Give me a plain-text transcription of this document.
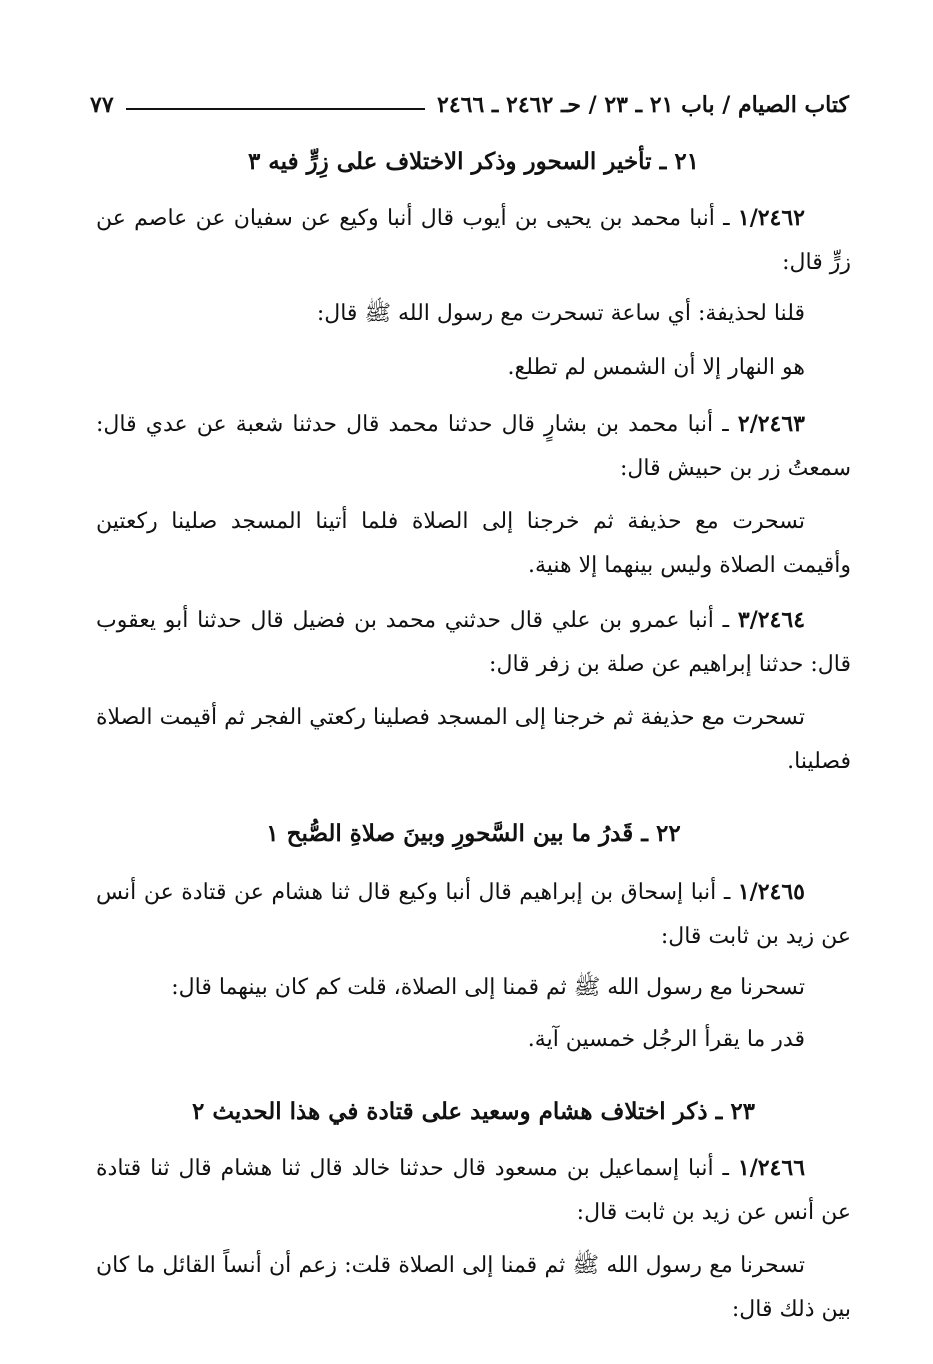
كتاب الصيام / باب ٢١ ـ ٢٣ / حـ ٢٤٦٢ ـ ٢٤٦٦
٧٧
٢١ ـ تأخير السحور وذكر الاختلاف على زِرٍّ فيه ٣
١/٢٤٦٢ ـ أنبا محمد بن يحيى بن أيوب قال أنبا وكيع عن سفيان عن عاصم عن زرٍّ قال:
قلنا لحذيفة: أي ساعة تسحرت مع رسول الله ﷺ قال:
هو النهار إلا أن الشمس لم تطلع.
٢/٢٤٦٣ ـ أنبا محمد بن بشارٍ قال حدثنا محمد قال حدثنا شعبة عن عدي قال: سمعتُ زر بن حبيش قال:
تسحرت مع حذيفة ثم خرجنا إلى الصلاة فلما أتينا المسجد صلينا ركعتين وأقيمت الصلاة وليس بينهما إلا هنية.
٣/٢٤٦٤ ـ أنبا عمرو بن علي قال حدثني محمد بن فضيل قال حدثنا أبو يعقوب قال: حدثنا إبراهيم عن صلة بن زفر قال:
تسحرت مع حذيفة ثم خرجنا إلى المسجد فصلينا ركعتي الفجر ثم أقيمت الصلاة فصلينا.
٢٢ ـ قَدرُ ما بين السَّحورِ وبينَ صلاةِ الصُّبح ١
١/٢٤٦٥ ـ أنبا إسحاق بن إبراهيم قال أنبا وكيع قال ثنا هشام عن قتادة عن أنس عن زيد بن ثابت قال:
تسحرنا مع رسول الله ﷺ ثم قمنا إلى الصلاة، قلت كم كان بينهما قال:
قدر ما يقرأ الرجُل خمسين آية.
٢٣ ـ ذكر اختلاف هشام وسعيد على قتادة في هذا الحديث ٢
١/٢٤٦٦ ـ أنبا إسماعيل بن مسعود قال حدثنا خالد قال ثنا هشام قال ثنا قتادة عن أنس عن زيد بن ثابت قال:
تسحرنا مع رسول الله ﷺ ثم قمنا إلى الصلاة قلت: زعم أن أنساً القائل ما كان بين ذلك قال:
